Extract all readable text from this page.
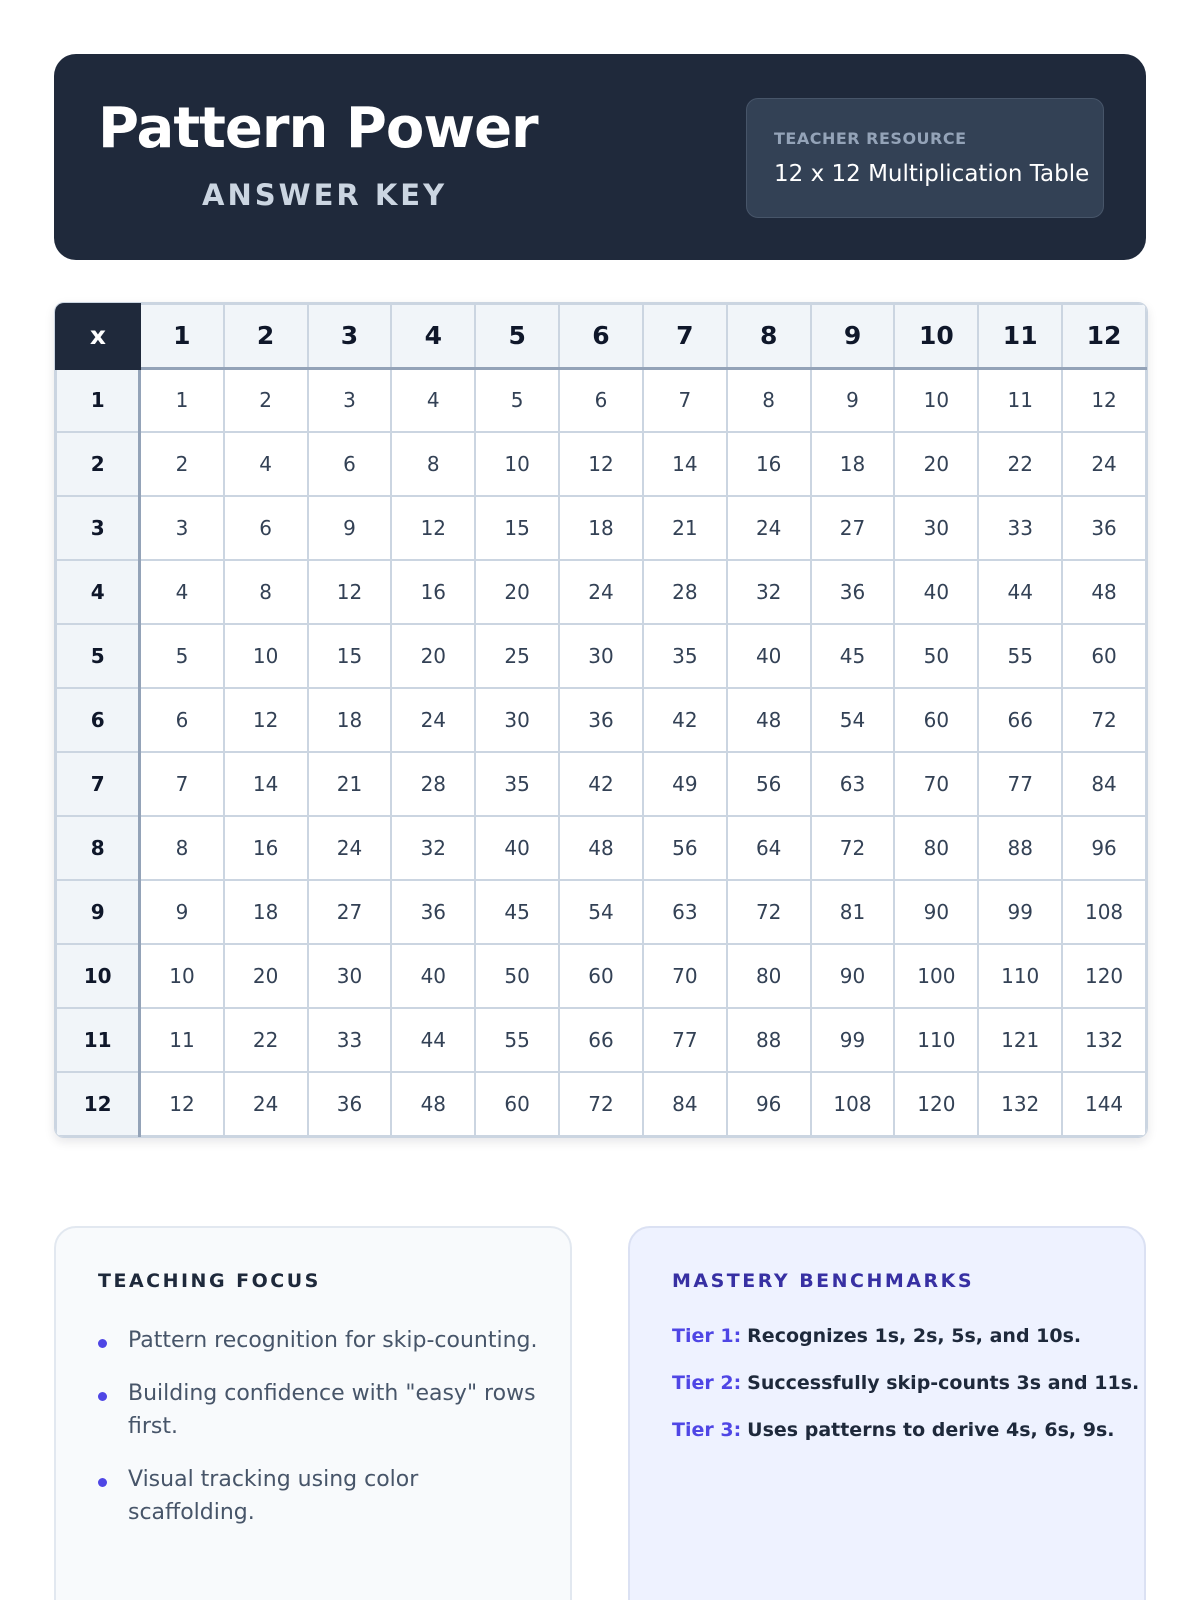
Pattern Power
ANSWER KEY
TEACHER RESOURCE
12 x 12 Multiplication Table
x	1	2	3	4	5	6	7	8	9	10	11	12
1	1	2	3	4	5	6	7	8	9	10	11	12
2	2	4	6	8	10	12	14	16	18	20	22	24
3	3	6	9	12	15	18	21	24	27	30	33	36
4	4	8	12	16	20	24	28	32	36	40	44	48
5	5	10	15	20	25	30	35	40	45	50	55	60
6	6	12	18	24	30	36	42	48	54	60	66	72
7	7	14	21	28	35	42	49	56	63	70	77	84
8	8	16	24	32	40	48	56	64	72	80	88	96
9	9	18	27	36	45	54	63	72	81	90	99	108
10	10	20	30	40	50	60	70	80	90	100	110	120
11	11	22	33	44	55	66	77	88	99	110	121	132
12	12	24	36	48	60	72	84	96	108	120	132	144
TEACHING FOCUS
Pattern recognition for skip-counting.
Building confidence with "easy" rows first.
Visual tracking using color scaffolding.
MASTERY BENCHMARKS
Tier 1: Recognizes 1s, 2s, 5s, and 10s.
Tier 2: Successfully skip-counts 3s and 11s.
Tier 3: Uses patterns to derive 4s, 6s, 9s.
